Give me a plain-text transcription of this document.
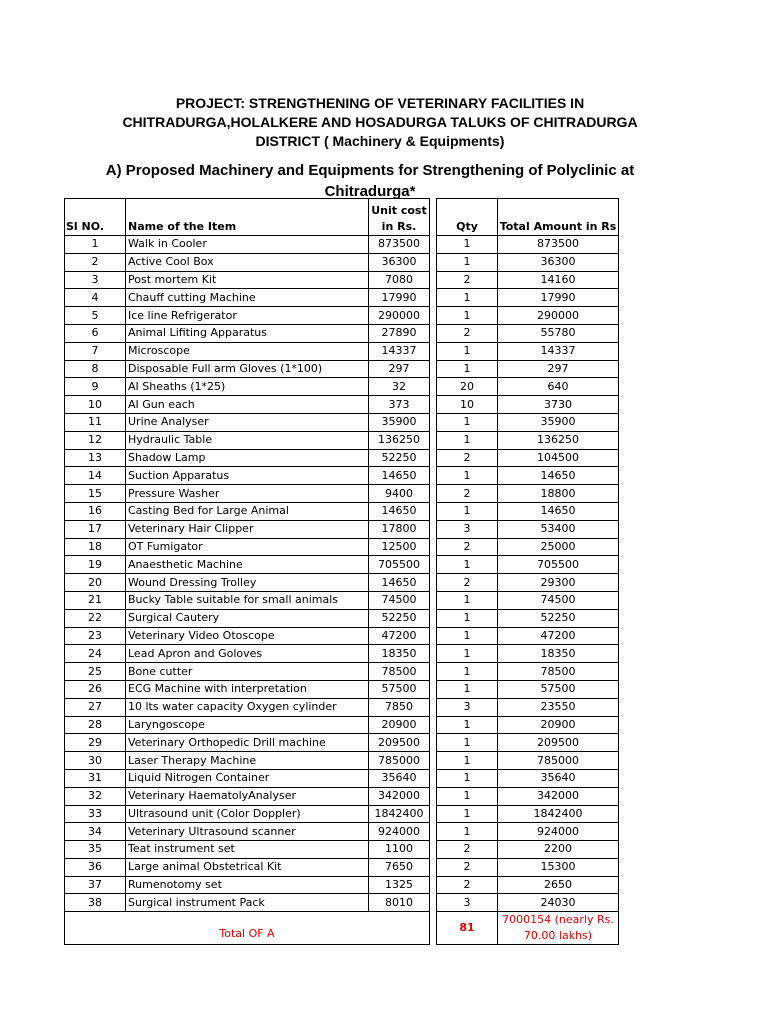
PROJECT: STRENGTHENING OF VETERINARY FACILITIES IN
CHITRADURGA,HOLALKERE AND HOSADURGA TALUKS OF CHITRADURGA
DISTRICT ( Machinery & Equipments)
A) Proposed Machinery and Equipments for Strengthening of Polyclinic at
Chitradurga*
Sl NO.	Name of the Item	Unit cost
in Rs.		Qty	Total Amount in Rs
1	Walk in Cooler	873500		1	873500
2	Active Cool Box	36300		1	36300
3	Post mortem Kit	7080		2	14160
4	Chauff cutting Machine	17990		1	17990
5	Ice line Refrigerator	290000		1	290000
6	Animal Lifiting Apparatus	27890		2	55780
7	Microscope	14337		1	14337
8	Disposable Full arm Gloves (1*100)	297		1	297
9	AI Sheaths (1*25)	32		20	640
10	AI Gun each	373		10	3730
11	Urine Analyser	35900		1	35900
12	Hydraulic Table	136250		1	136250
13	Shadow Lamp	52250		2	104500
14	Suction Apparatus	14650		1	14650
15	Pressure Washer	9400		2	18800
16	Casting Bed for Large Animal	14650		1	14650
17	Veterinary Hair Clipper	17800		3	53400
18	OT Fumigator	12500		2	25000
19	Anaesthetic Machine	705500		1	705500
20	Wound Dressing Trolley	14650		2	29300
21	Bucky Table suitable for small animals	74500		1	74500
22	Surgical Cautery	52250		1	52250
23	Veterinary Video Otoscope	47200		1	47200
24	Lead Apron and Goloves	18350		1	18350
25	Bone cutter	78500		1	78500
26	ECG Machine with interpretation	57500		1	57500
27	10 lts water capacity Oxygen cylinder	7850		3	23550
28	Laryngoscope	20900		1	20900
29	Veterinary Orthopedic Drill machine	209500		1	209500
30	Laser Therapy Machine	785000		1	785000
31	Liquid Nitrogen Container	35640		1	35640
32	Veterinary HaematolyAnalyser	342000		1	342000
33	Ultrasound unit (Color Doppler)	1842400		1	1842400
34	Veterinary Ultrasound scanner	924000		1	924000
35	Teat instrument set	1100		2	2200
36	Large animal Obstetrical Kit	7650		2	15300
37	Rumenotomy set	1325		2	2650
38	Surgical instrument Pack	8010		3	24030
Total OF A				81	7000154 (nearly Rs. 70.00 lakhs)
